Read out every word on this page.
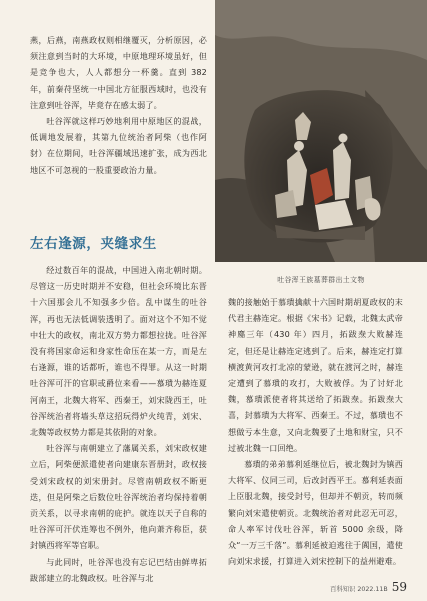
燕，后燕，南燕政权则相继覆灭，分析原因，必须注意到当时的大环境，中原地理环境虽好，但是竞争也大，人人都想分一杯羹。直到 382 年，前秦苻坚统一中国北方征服西域时，也没有注意到吐谷浑，毕竟存在感太弱了。

吐谷浑就这样巧妙地利用中原地区的混战，低调地发展着，其第九位统治者阿柴（也作阿豺）在位期间，吐谷浑疆域迅速扩张，成为西北地区不可忽视的一股重要政治力量。

左右逢源，夹缝求生

经过数百年的混战，中国进入南北朝时期。尽管这一历史时期并不安稳，但社会环境比东晋十六国那会儿不知强多少倍。乱中谋生的吐谷浑，再也无法低调装透明了。面对这个不知不觉中壮大的政权，南北双方势力都想拉拢。吐谷浑没有将国家命运和身家性命压在某一方，而是左右逢源，谁的话都听，谁也不得罪。从这一时期吐谷浑可汗的官职或爵位来看——慕璝为赫连夏河南王，北魏大将军、西秦王，刘宋陇西王，吐谷浑统治者将墙头草这招玩得炉火纯青，刘宋、北魏等政权势力都是其依附的对象。

吐谷浑与南朝建立了藩属关系，刘宋政权建立后，阿柴便派遣使者向建康东晋册封，政权接受刘宋政权的刘宋册封。尽管南朝政权不断更迭，但是阿柴之后数位吐谷浑统治者均保持着朝贡关系，以寻求南朝的庇护。就连以天子自称的吐谷浑可汗伏连筹也不例外，他向萧齐称臣，获封镇西将军等官职。

与此同时，吐谷浑也没有忘记巴结由鲜卑拓跋部建立的北魏政权。吐谷浑与北

吐谷浑王族墓葬群出土文物

魏的接触始于慕璝擒献十六国时期胡夏政权的末代君主赫连定。根据《宋书》记载，北魏太武帝神䴥三年（430 年）四月，拓跋焘大败赫连定，但还是让赫连定逃到了。后来，赫连定打算横渡黄河攻打北凉的蒙逊，就在渡河之时，赫连定遭到了慕璝的攻打，大败被俘。为了讨好北魏，慕璝派使者将其送给了拓跋焘。拓跋焘大喜，封慕璝为大将军、西秦王。不过，慕璝也不想做亏本生意，又向北魏要了土地和财宝，只不过被北魏一口回绝。

慕璝的弟弟慕利延继位后，被北魏封为镇西大将军、仪同三司，后改封西平王。慕利延表面上臣服北魏，接受封号，但却并不朝贡，转而频繁向刘宋遣使朝贡。北魏统治者对此忍无可忍，命人率军讨伐吐谷浑，斩首 5000 余级，降众“一万三千落”。慕利延被迫逃往于阗国，遣使向刘宋求援，打算进入刘宋控制下的益州避难。

百科知识 2022.11B 59
